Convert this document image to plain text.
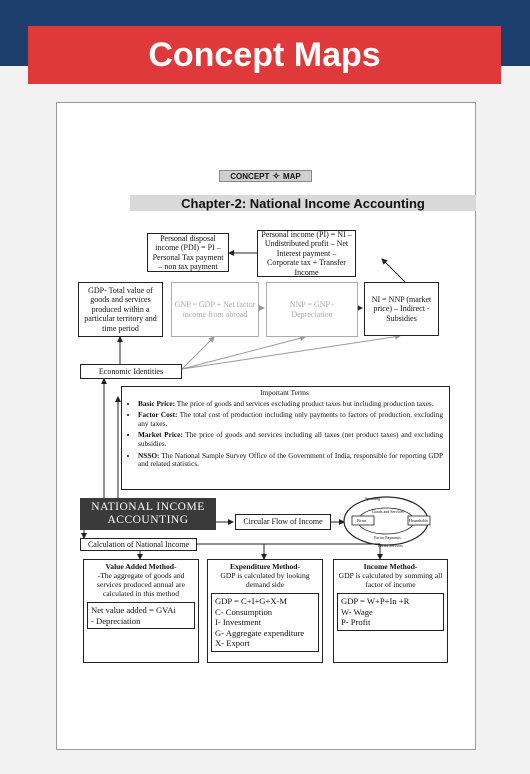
Concept Maps
CONCEPT ✧ MAP
Chapter-2: National Income Accounting
Personal disposal income (PDI) = PI – Personal Tax payment – non tax payment
Personal income (PI) = NI – Undistributed profit – Net Interest payment – Corporate tax + Transfer Income
GDP- Total value of goods and services produced within a particular territory and time period
GNP = GDP + Net factor income from abroad
NNP = GNP - Depreciation
NI = NNP (market price) – Indirect - Subsidies
Economic Identities
Important Terms
• Basic Price: The price of goods and services excluding product taxes but including production taxes.
• Factor Cost: The total cost of production including only payments to factors of production, excluding any taxes.
• Market Price: The price of goods and services including all taxes (net product taxes) and excluding subsidies.
• NSSO: The National Sample Survey Office of the Government of India, responsible for reporting GDP and related statistics.
NATIONAL INCOME
ACCOUNTING	Circular Flow of Income
Spending
Goods and Services
Firms	Households
Factor Payments
Factor Services
Calculation of National Income
Value Added Method-
-The aggregate of goods and services produced annual are calculated in this method
Net value added = GVAi
- Depreciation
Expenditure Method-
GDP is calculated by looking demand side
GDP = C+I+G+X-M
C- Consumption
I- Investment
G- Aggregate expenditure
X- Export
Income Method-
GDP is calculated by summing all factor of income
GDP = W+P+In +R
W- Wage
P- Profit
